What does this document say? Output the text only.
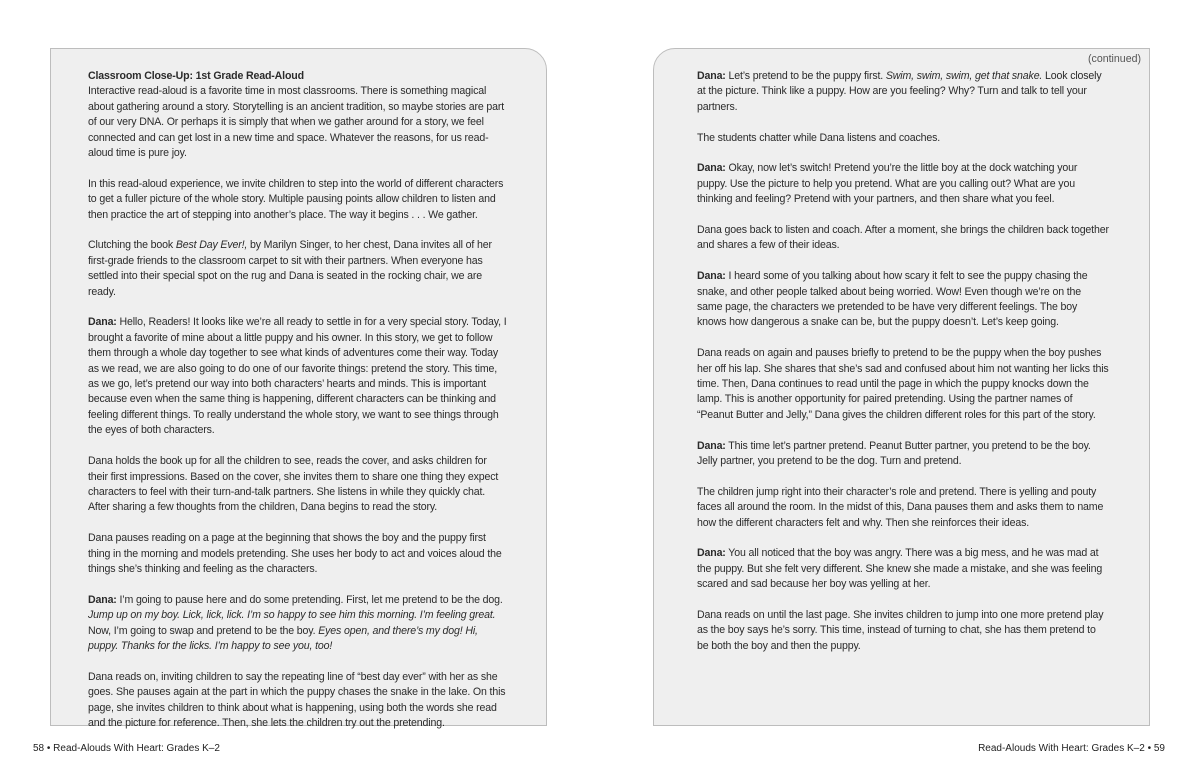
Classroom Close-Up: 1st Grade Read-Aloud

Interactive read-aloud is a favorite time in most classrooms. There is something magical about gathering around a story. Storytelling is an ancient tradition, so maybe stories are part of our very DNA. Or perhaps it is simply that when we gather around for a story, we feel connected and can get lost in a new time and space. Whatever the reasons, for us read-aloud time is pure joy.

In this read-aloud experience, we invite children to step into the world of different characters to get a fuller picture of the whole story. Multiple pausing points allow children to listen and then practice the art of stepping into another’s place. The way it begins . . . We gather.

Clutching the book Best Day Ever!, by Marilyn Singer, to her chest, Dana invites all of her first-grade friends to the classroom carpet to sit with their partners. When everyone has settled into their special spot on the rug and Dana is seated in the rocking chair, we are ready.

Dana: Hello, Readers! It looks like we’re all ready to settle in for a very special story. Today, I brought a favorite of mine about a little puppy and his owner. In this story, we get to follow them through a whole day together to see what kinds of adventures come their way. Today as we read, we are also going to do one of our favorite things: pretend the story. This time, as we go, let’s pretend our way into both characters’ hearts and minds. This is important because even when the same thing is happening, different characters can be thinking and feeling different things. To really understand the whole story, we want to see things through the eyes of both characters.

Dana holds the book up for all the children to see, reads the cover, and asks children for their first impressions. Based on the cover, she invites them to share one thing they expect characters to feel with their turn-and-talk partners. She listens in while they quickly chat. After sharing a few thoughts from the children, Dana begins to read the story.

Dana pauses reading on a page at the beginning that shows the boy and the puppy first thing in the morning and models pretending. She uses her body to act and voices aloud the things she’s thinking and feeling as the characters.

Dana: I’m going to pause here and do some pretending. First, let me pretend to be the dog. Jump up on my boy. Lick, lick, lick. I’m so happy to see him this morning. I’m feeling great. Now, I’m going to swap and pretend to be the boy. Eyes open, and there’s my dog! Hi, puppy. Thanks for the licks. I’m happy to see you, too!

Dana reads on, inviting children to say the repeating line of “best day ever” with her as she goes. She pauses again at the part in which the puppy chases the snake in the lake. On this page, she invites children to think about what is happening, using both the words she read and the picture for reference. Then, she lets the children try out the pretending.

(continued)

Dana: Let’s pretend to be the puppy first. Swim, swim, swim, get that snake. Look closely at the picture. Think like a puppy. How are you feeling? Why? Turn and talk to tell your partners.

The students chatter while Dana listens and coaches.

Dana: Okay, now let’s switch! Pretend you’re the little boy at the dock watching your puppy. Use the picture to help you pretend. What are you calling out? What are you thinking and feeling? Pretend with your partners, and then share what you feel.

Dana goes back to listen and coach. After a moment, she brings the children back together and shares a few of their ideas.

Dana: I heard some of you talking about how scary it felt to see the puppy chasing the snake, and other people talked about being worried. Wow! Even though we’re on the same page, the characters we pretended to be have very different feelings. The boy knows how dangerous a snake can be, but the puppy doesn’t. Let’s keep going.

Dana reads on again and pauses briefly to pretend to be the puppy when the boy pushes her off his lap. She shares that she’s sad and confused about him not wanting her licks this time. Then, Dana continues to read until the page in which the puppy knocks down the lamp. This is another opportunity for paired pretending. Using the partner names of “Peanut Butter and Jelly,” Dana gives the children different roles for this part of the story.

Dana: This time let’s partner pretend. Peanut Butter partner, you pretend to be the boy. Jelly partner, you pretend to be the dog. Turn and pretend.

The children jump right into their character’s role and pretend. There is yelling and pouty faces all around the room. In the midst of this, Dana pauses them and asks them to name how the different characters felt and why. Then she reinforces their ideas.

Dana: You all noticed that the boy was angry. There was a big mess, and he was mad at the puppy. But she felt very different. She knew she made a mistake, and she was feeling scared and sad because her boy was yelling at her.

Dana reads on until the last page. She invites children to jump into one more pretend play as the boy says he’s sorry. This time, instead of turning to chat, she has them pretend to be both the boy and then the puppy.

58 • Read-Alouds With Heart: Grades K–2	Read-Alouds With Heart: Grades K–2 • 59
